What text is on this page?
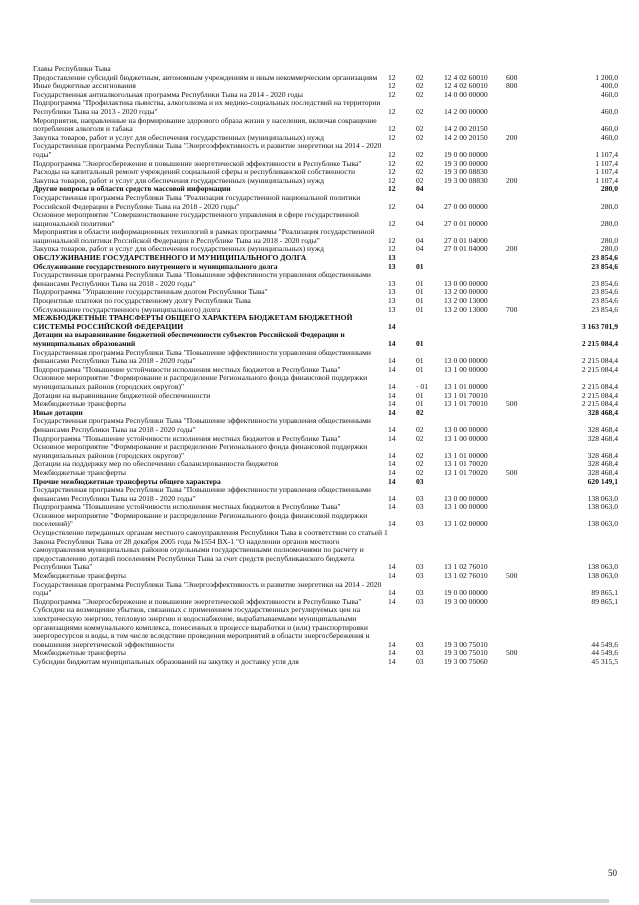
Главы Республики Тыва					
Предоставление субсидий бюджетным, автономным учреждениям и иным некоммерческим организациям	12	02	12 4 02 60010	600	1 200,0
Иные бюджетные ассигнования	12	02	12 4 02 60010	800	400,0
Государственная антиалкогольная программа Республики Тыва на 2014 - 2020 годы	12	02	14 0 00 00000		460,0
Подпрограмма "Профилактика пьянства, алкоголизма и их медико-социальных последствий на территории Республики Тыва на 2013 - 2020 годы"	12	02	14 2 00 00000		460,0
Мероприятия, направленные на формирование здорового образа жизни у населения, включая сокращение потребления алкоголя и табака	12	02	14 2 00 20150		460,0
Закупка товаров, работ и услуг для обеспечения государственных (муниципальных) нужд	12	02	14 2 00 20150	200	460,0
Государственная программа Республики Тыва "Энергоэффективность и развитие энергетики на 2014 - 2020 годы"	12	02	19 0 00 00000		1 107,4
Подпрограмма "Энергосбережение и повышение энергетической эффективности в Республике Тыва"	12	02	19 3 00 00000		1 107,4
Расходы на капитальный ремонт учреждений социальной сферы и республиканской собственности	12	02	19 3 00 08830		1 107,4
Закупка товаров, работ и услуг для обеспечения государственных (муниципальных) нужд	12	02	19 3 00 08830	200	1 107,4
Другие вопросы в области средств массовой информации	12	04			280,0
Государственная программа Республики Тыва "Реализация государственной национальной политики Российской Федерации в Республике Тыва на 2018 - 2020 годы"	12	04	27 0 00 00000		280,0
Основное мероприятие "Совершенствование государственного управления в сфере государственной национальной политики"	12	04	27 0 01 00000		280,0
Мероприятия в области информационных технологий в рамках программы "Реализация государственной национальной политики Российской Федерации в Республике Тыва на 2018 - 2020 годы"	12	04	27 0 01 04000		280,0
Закупка товаров, работ и услуг для обеспечения государственных (муниципальных) нужд	12	04	27 0 01 04000	200	280,0
ОБСЛУЖИВАНИЕ ГОСУДАРСТВЕННОГО И МУНИЦИПАЛЬНОГО ДОЛГА	13				23 854,6
Обслуживание государственного внутреннего и муниципального долга	13	01			23 854,6
Государственная программа Республики Тыва "Повышение эффективности управления общественными финансами Республики Тыва на 2018 - 2020 годы"	13	01	13 0 00 00000		23 854,6
Подпрограмма "Управление государственным долгом Республики Тыва"	13	01	13 2 00 00000		23 854,6
Процентные платежи по государственному долгу Республики Тыва	13	01	13 2 00 13000		23 854,6
Обслуживание государственного (муниципального) долга	13	01	13 2 00 13000	700	23 854,6
МЕЖБЮДЖЕТНЫЕ ТРАНСФЕРТЫ ОБЩЕГО ХАРАКТЕРА БЮДЖЕТАМ БЮДЖЕТНОЙ СИСТЕМЫ РОССИЙСКОЙ ФЕДЕРАЦИИ	14				3 163 701,9
Дотации на выравнивание бюджетной обеспеченности субъектов Российской Федерации и муниципальных образований	14	01			2 215 084,4
Государственная программа Республики Тыва "Повышение эффективности управления общественными финансами Республики Тыва на 2018 - 2020 годы"	14	01	13 0 00 00000		2 215 084,4
Подпрограмма "Повышение устойчивости исполнения местных бюджетов в Республике Тыва"	14	01	13 1 00 00000		2 215 084,4
Основное мероприятие "Формирование и распределение Регионального фонда финансовой поддержки муниципальных районов (городских округов)"	14	· 01	13 1 01 00000		2 215 084,4
Дотации на выравнивание бюджетной обеспеченности	14	01	13 1 01 70010		2 215 084,4
Межбюджетные трансферты	14	01	13 1 01 70010	500	2 215 084,4
Иные дотации	14	02			328 468,4
Государственная программа Республики Тыва "Повышение эффективности управления общественными финансами Республики Тыва на 2018 - 2020 годы"	14	02	13 0 00 00000		328 468,4
Подпрограмма "Повышение устойчивости исполнения местных бюджетов в Республике Тыва"	14	02	13 1 00 00000		328 468,4
Основное мероприятие "Формирование и распределение Регионального фонда финансовой поддержки муниципальных районов (городских округов)"	14	02	13 1 01 00000		328 468,4
Дотации на поддержку мер по обеспечению сбалансированности бюджетов	14	02	13 1 01 70020		328 468,4
Межбюджетные трансферты	14	02	13 1 01 70020	500	328 468,4
Прочие межбюджетные трансферты общего характера	14	03			620 149,1
Государственная программа Республики Тыва "Повышение эффективности управления общественными финансами Республики Тыва на 2018 - 2020 годы"	14	03	13 0 00 00000		138 063,0
Подпрограмма "Повышение устойчивости исполнения местных бюджетов в Республике Тыва"	14	03	13 1 00 00000		138 063,0
Основное мероприятие "Формирование и распределение Регионального фонда финансовой поддержки поселений)"	14	03	13 1 02 00000		138 063,0
Осуществление переданных органам местного самоуправления Республики Тыва в соответствии со статьей 1 Закона Республики Тыва от 28 декабря 2005 года №1554 ВХ-1 "О наделении органов местного самоуправления муниципальных районов отдельными государственными полномочиями по расчету и предоставлению дотаций поселениям Республики Тыва за счет средств республиканского бюджета Республики Тыва"	14	03	13 1 02 76010		138 063,0
Межбюджетные трансферты	14	03	13 1 02 76010	500	138 063,0
Государственная программа Республики Тыва "Энергоэффективность и развитие энергетики на 2014 - 2020 годы"	14	03	19 0 00 00000		89 865,1
Подпрограмма "Энергосбережение и повышение энергетической эффективности в Республике Тыва"	14	03	19 3 00 00000		89 865,1
Субсидии на возмещение убытков, связанных с применением государственных регулируемых цен на электрическую энергию, тепловую энергию и водоснабжение, вырабатываемыми муниципальными организациями коммунального комплекса, понесенных в процессе выработки и (или) транспортировки энергоресурсов и воды, в том числе вследствие проведения мероприятий в области энергосбережения и повышения энергетической эффективности	14	03	19 3 00 75010		44 549,6
Межбюджетные трансферты	14	03	19 3 00 75010	500	44 549,6
Субсидии бюджетам муниципальных образований на закупку и доставку угля для	14	03	19 3 00 75060		45 315,5
50
